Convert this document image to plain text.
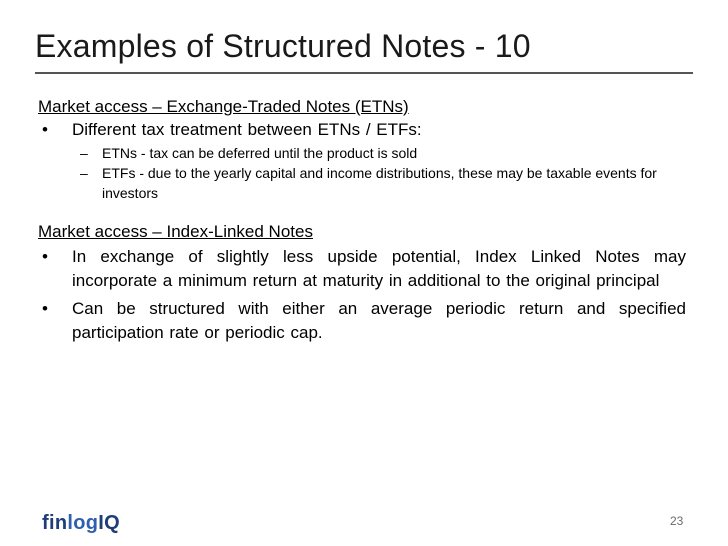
Examples of Structured Notes - 10

Market access – Exchange-Traded Notes (ETNs)

• Different tax treatment between ETNs / ETFs:
– ETNs - tax can be deferred until the product is sold
– ETFs - due to the yearly capital and income distributions, these may be taxable events for investors

Market access – Index-Linked Notes

• In exchange of slightly less upside potential, Index Linked Notes may incorporate a minimum return at maturity in additional to the original principal
• Can be structured with either an average periodic return and specified participation rate or periodic cap.
finlogIQ	23
